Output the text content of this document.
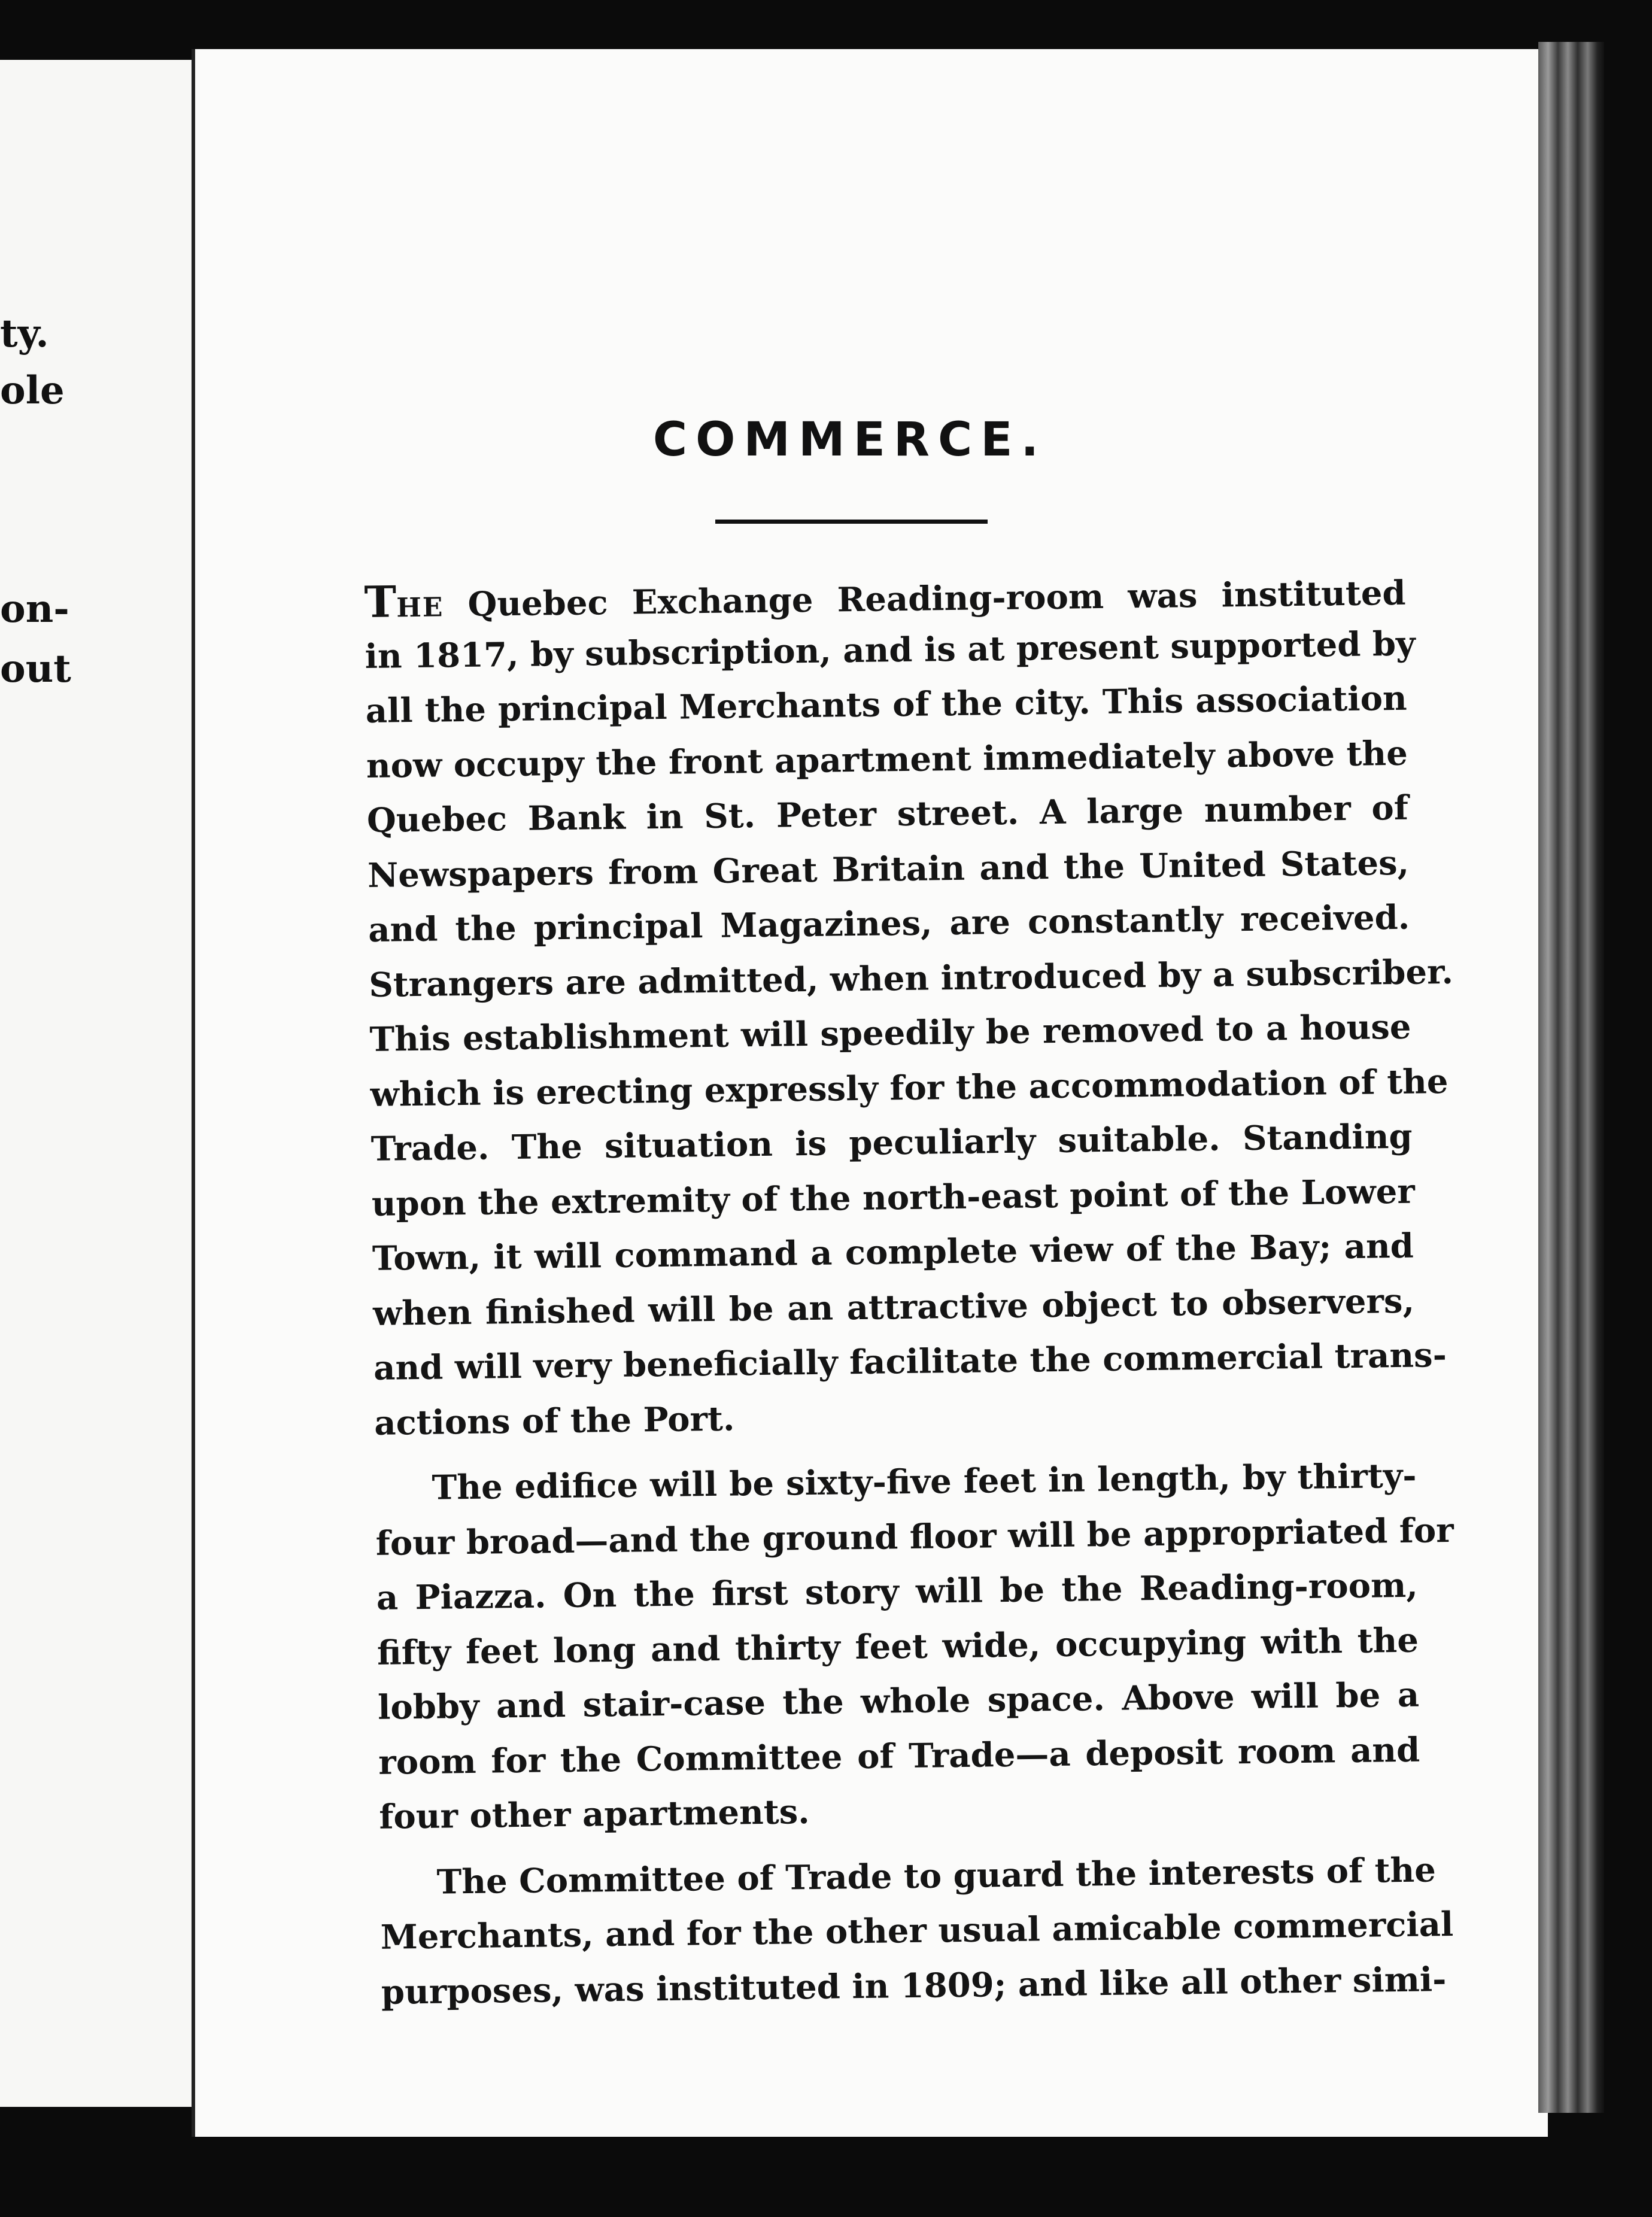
ty.
ole
on-
out
COMMERCE.
THE Quebec Exchange Reading-room was instituted
in 1817, by subscription, and is at present supported by
all the principal Merchants of the city. This association
now occupy the front apartment immediately above the
Quebec Bank in St. Peter street. A large number of
Newspapers from Great Britain and the United States,
and the principal Magazines, are constantly received.
Strangers are admitted, when introduced by a subscriber.
This establishment will speedily be removed to a house
which is erecting expressly for the accommodation of the
Trade. The situation is peculiarly suitable. Standing
upon the extremity of the north-east point of the Lower
Town, it will command a complete view of the Bay; and
when finished will be an attractive object to observers,
and will very beneficially facilitate the commercial trans-
actions of the Port.
The edifice will be sixty-five feet in length, by thirty-
four broad—and the ground floor will be appropriated for
a Piazza. On the first story will be the Reading-room,
fifty feet long and thirty feet wide, occupying with the
lobby and stair-case the whole space. Above will be a
room for the Committee of Trade—a deposit room and
four other apartments.
The Committee of Trade to guard the interests of the
Merchants, and for the other usual amicable commercial
purposes, was instituted in 1809; and like all other simi-
